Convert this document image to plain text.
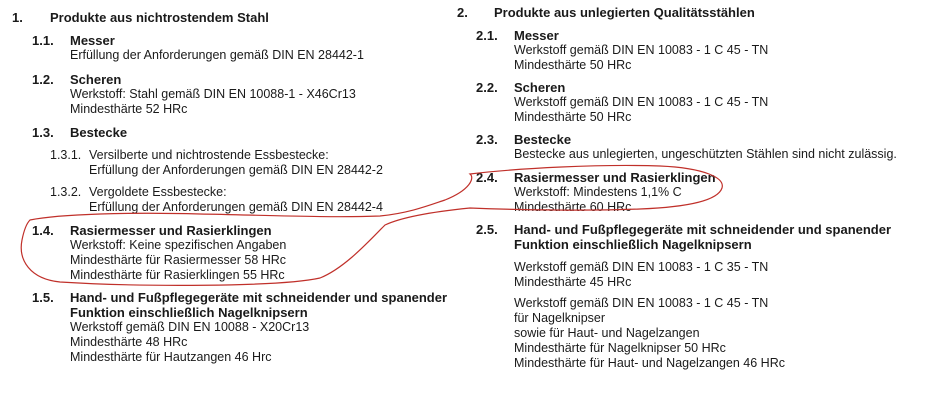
1. Produkte aus nichtrostendem Stahl
1.1. Messer
Erfüllung der Anforderungen gemäß DIN EN 28442-1
1.2. Scheren
Werkstoff: Stahl gemäß DIN EN 10088-1 - X46Cr13
Mindesthärte 52 HRc
1.3. Bestecke
1.3.1. Versilberte und nichtrostende Essbestecke:
Erfüllung der Anforderungen gemäß DIN EN 28442-2
1.3.2. Vergoldete Essbestecke:
Erfüllung der Anforderungen gemäß DIN EN 28442-4
1.4. Rasiermesser und Rasierklingen
Werkstoff: Keine spezifischen Angaben
Mindesthärte für Rasiermesser 58 HRc
Mindesthärte für Rasierklingen 55 HRc
1.5. Hand- und Fußpflegegeräte mit schneidender und spanender
Funktion einschließlich Nagelknipsern
Werkstoff gemäß DIN EN 10088 - X20Cr13
Mindesthärte 48 HRc
Mindesthärte für Hautzangen 46 Hrc
2. Produkte aus unlegierten Qualitätsstählen
2.1. Messer
Werkstoff gemäß DIN EN 10083 - 1 C 45 - TN
Mindesthärte 50 HRc
2.2. Scheren
Werkstoff gemäß DIN EN 10083 - 1 C 45 - TN
Mindesthärte 50 HRc
2.3. Bestecke
Bestecke aus unlegierten, ungeschützten Stählen sind nicht zulässig.
2.4. Rasiermesser und Rasierklingen
Werkstoff: Mindestens 1,1% C
Mindesthärte 60 HRc
2.5. Hand- und Fußpflegegeräte mit schneidender und spanender
Funktion einschließlich Nagelknipsern
Werkstoff gemäß DIN EN 10083 - 1 C 35 - TN
Mindesthärte 45 HRc
Werkstoff gemäß DIN EN 10083 - 1 C 45 - TN
für Nagelknipser
sowie für Haut- und Nagelzangen
Mindesthärte für Nagelknipser 50 HRc
Mindesthärte für Haut- und Nagelzangen 46 HRc
